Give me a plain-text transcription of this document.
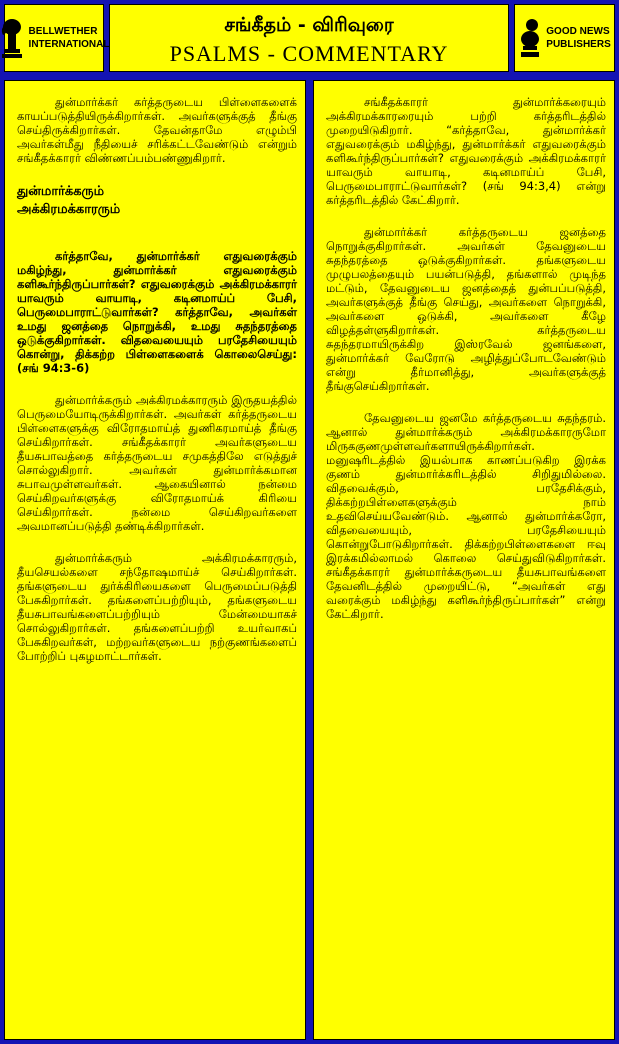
BELLWETHER
INTERNATIONAL
சங்கீதம் - விரிவுரை
PSALMS - COMMENTARY
GOOD NEWS
PUBLISHERS

துன்மார்க்கர் கர்த்தருடைய பிள்ளைகளைக் காயப்படுத்தியிருக்கிறார்கள். அவர்களுக்குத் தீங்கு செய்திருக்கிறார்கள். தேவன்தாமே எழும்பி அவர்கள்மீது நீதியைச் சரிக்கட்டவேண்டும் என்றும் சங்கீதக்காரர் விண்ணப்பம்பண்ணுகிறார்.

துன்மார்க்கரும்
அக்கிரமக்காரரும்

கர்த்தாவே, துன்மார்க்கர் எதுவரைக்கும் மகிழ்ந்து, துன்மார்க்கர் எதுவரைக்கும் களிகூர்ந்திருப்பார்கள்? எதுவரைக்கும் அக்கிரமக்காரர் யாவரும் வாயாடி, கடினமாய்ப் பேசி, பெருமைபாராட்டுவார்கள்? கர்த்தாவே, அவர்கள் உமது ஜனத்தை நொறுக்கி, உமது சுதந்தரத்தை ஒடுக்குகிறார்கள். விதவையையும் பரதேசியையும் கொன்று, திக்கற்ற பிள்ளைகளைக் கொலைசெய்து: (சங் 94:3-6)

துன்மார்க்கரும் அக்கிரமக்காரரும் இருதயத்தில் பெருமையோடிருக்கிறார்கள். அவர்கள் கர்த்தருடைய பிள்ளைகளுக்கு விரோதமாய்த் துணிகரமாய்த் தீங்கு செய்கிறார்கள். சங்கீதக்காரர் அவர்களுடைய தீயசுபாவத்தை கர்த்தருடைய சமுகத்திலே எடுத்துச் சொல்லுகிறார். அவர்கள் துன்மார்க்கமான சுபாவமுள்ளவர்கள். ஆகையினால் நன்மை செய்கிறவர்களுக்கு விரோதமாய்க் கிரியை செய்கிறார்கள். நன்மை செய்கிறவர்களை அவமானப்படுத்தி தண்டிக்கிறார்கள்.

துன்மார்க்கரும் அக்கிரமக்காரரும், தீயசெயல்களை சந்தோஷமாய்ச் செய்கிறார்கள். தங்களுடைய துர்க்கிரியைகளை பெருமைப்படுத்தி பேசுகிறார்கள். தங்களைப்பற்றியும், தங்களுடைய தீயசுபாவங்களைப்பற்றியும் மேன்மையாகச் சொல்லுகிறார்கள். தங்களைப்பற்றி உயர்வாகப் பேசுகிறவர்கள், மற்றவர்களுடைய நற்குணங்களைப் போற்றிப் புகழமாட்டார்கள்.

சங்கீதக்காரர் துன்மார்க்கரையும் அக்கிரமக்காரரையும் பற்றி கர்த்தரிடத்தில் முறையிடுகிறார். “கர்த்தாவே, துன்மார்க்கர் எதுவரைக்கும் மகிழ்ந்து, துன்மார்க்கர் எதுவரைக்கும் களிகூர்ந்திருப்பார்கள்? எதுவரைக்கும் அக்கிரமக்காரர் யாவரும் வாயாடி, கடினமாய்ப் பேசி, பெருமைபாராட்டுவார்கள்? (சங் 94:3,4) என்று கர்த்தரிடத்தில் கேட்கிறார்.

துன்மார்க்கர் கர்த்தருடைய ஜனத்தை நொறுக்குகிறார்கள். அவர்கள் தேவனுடைய சுதந்தரத்தை ஒடுக்குகிறார்கள். தங்களுடைய முழுபலத்தையும் பயன்படுத்தி, தங்களால் முடிந்த மட்டும், தேவனுடைய ஜனத்தைத் துன்பப்படுத்தி, அவர்களுக்குத் தீங்கு செய்து, அவர்களை நொறுக்கி, அவர்களை ஒடுக்கி, அவர்களை கீழே விழத்தள்ளுகிறார்கள். கர்த்தருடைய சுதந்தரமாயிருக்கிற இஸ்ரவேல் ஜனங்களை, துன்மார்க்கர் வேரோடு அழித்துப்போடவேண்டும் என்று தீர்மானித்து, அவர்களுக்குத் தீங்குசெய்கிறார்கள்.

தேவனுடைய ஜனமே கர்த்தருடைய சுதந்தரம். ஆனால் துன்மார்க்கரும் அக்கிரமக்காரருமோ மிருககுணமுள்ளவர்களாயிருக்கிறார்கள். மனுஷரிடத்தில் இயல்பாக காணப்படுகிற இரக்க குணம் துன்மார்க்கரிடத்தில் சிறிதுமில்லை. விதவைக்கும், பரதேசிக்கும், திக்கற்றபிள்ளைகளுக்கும் நாம் உதவிசெய்யவேண்டும். ஆனால் துன்மார்க்கரோ, விதவையையும், பரதேசியையும் கொன்றுபோடுகிறார்கள். திக்கற்றபிள்ளைகளை ஈவு இரக்கமில்லாமல் கொலை செய்துவிடுகிறார்கள். சங்கீதக்காரர் துன்மார்க்கருடைய தீயசுபாவங்களை தேவனிடத்தில் முறையிட்டு, “அவர்கள் எது வரைக்கும் மகிழ்ந்து களிகூர்ந்திருப்பார்கள்” என்று கேட்கிறார்.
